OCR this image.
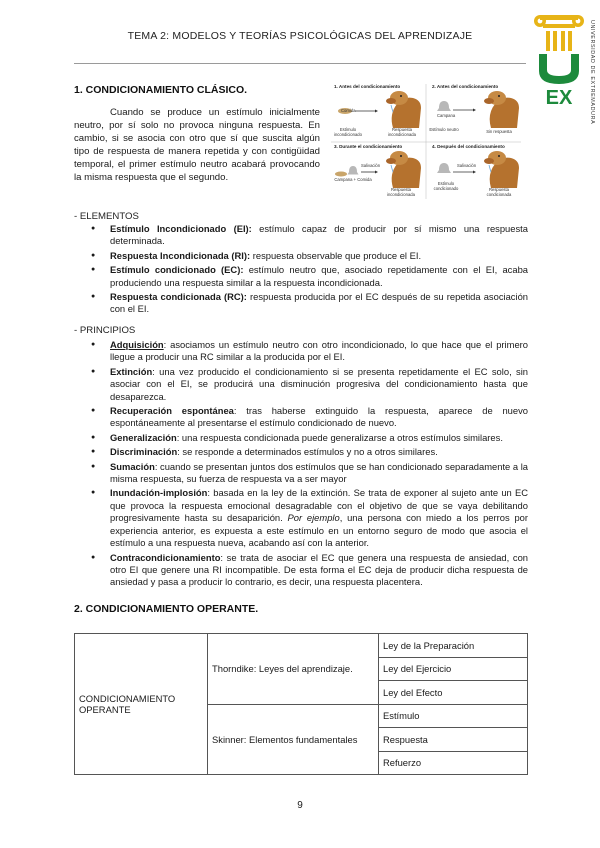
TEMA 2: MODELOS Y TEORÍAS PSICOLÓGICAS DEL APRENDIZAJE
EX	UNIVERSIDAD DE EXTREMADURA
1. CONDICIONAMIENTO CLÁSICO.

Cuando se produce un estímulo inicialmente neutro, por sí solo no provoca ninguna respuesta. En cambio, si se asocia con otro que sí que suscita algún tipo de respuesta de manera repetida y con contigüidad temporal, el primer estímulo neutro acabará provocando la misma respuesta que el segundo.

1. Antes del condicionamiento
Comida
Estímulo incondicionado
Respuesta incondicionada
2. Antes del condicionamiento
Campana
Estímulo neutro	Sin respuesta
3. Durante el condicionamiento
Campana + Comida
Salivación
Respuesta incondicionada
4. Después del condicionamiento
Salivación
Estímulo condicionado	Respuesta condicionada

- ELEMENTOS

● Estímulo Incondicionado (EI): estímulo capaz de producir por sí mismo una respuesta determinada.
● Respuesta Incondicionada (RI): respuesta observable que produce el EI.
● Estímulo condicionado (EC): estímulo neutro que, asociado repetidamente con el EI, acaba produciendo una respuesta similar a la respuesta incondicionada.
● Respuesta condicionada (RC): respuesta producida por el EC después de su repetida asociación con el EI.

- PRINCIPIOS

● Adquisición: asociamos un estímulo neutro con otro incondicionado, lo que hace que el primero llegue a producir una RC similar a la producida por el EI.
● Extinción: una vez producido el condicionamiento si se presenta repetidamente el EC solo, sin asociar con el EI, se producirá una disminución progresiva del condicionamiento hasta que desaparezca.
● Recuperación espontánea: tras haberse extinguido la respuesta, aparece de nuevo espontáneamente al presentarse el estímulo condicionado de nuevo.
● Generalización: una respuesta condicionada puede generalizarse a otros estímulos similares.
● Discriminación: se responde a determinados estímulos y no a otros similares.
● Sumación: cuando se presentan juntos dos estímulos que se han condicionado separadamente a la misma respuesta, su fuerza de respuesta va a ser mayor
● Inundación-implosión: basada en la ley de la extinción. Se trata de exponer al sujeto ante un EC que provoca la respuesta emocional desagradable con el objetivo de que se vaya debilitando progresivamente hasta su desaparición. Por ejemplo, una persona con miedo a los perros por experiencia anterior, es expuesta a este estímulo en un entorno seguro de modo que asocia el estímulo a una respuesta nueva, acabando así con la anterior.
● Contracondicionamiento: se trata de asociar el EC que genera una respuesta de ansiedad, con otro EI que genere una RI incompatible. De esta forma el EC deja de producir dicha respuesta de ansiedad y pasa a producir lo contrario, es decir, una respuesta placentera.
2. CONDICIONAMIENTO OPERANTE.
CONDICIONAMIENTO OPERANTE	Thorndike: Leyes del aprendizaje.	Ley de la Preparación
		Ley del Ejercicio
		Ley del Efecto
	Skinner: Elementos fundamentales	Estímulo
		Respuesta
		Refuerzo
9
